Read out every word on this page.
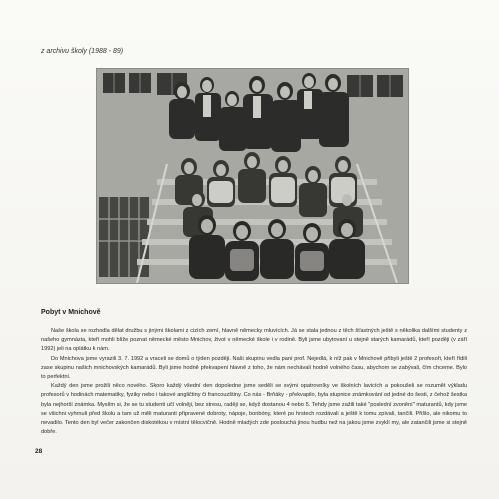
z archivu školy (1988 - 89)
Pobyt v Mnichově

Naše škola se rozhodla dělat družbu s jinými školami z cizích zemí, hlavně německy mluvících. Já se stala jednou z těch šťastných ještě s několika dalšími studenty z našeho gymnázia, kteří mohli blíže poznat německé město Mnichov, život v německé škole i v rodině. Byli jsme ubytovaní u stejně starých kamarádů, kteří později (v září 1992) jeli na oplátku k nám.

Do Mnichova jsme vyrazili 3. 7. 1992 a vraceli se domů o týden později. Naši skupinu vedla paní prof. Nejedlá, k níž pak v Mnichově přibyli ještě 2 profesoři, kteří řídili zase skupinu našich mnichovských kamarádů. Byli jsme hodně překvapeni hlavně z toho, že nám nechávali hodně volného času, abychom se zabývali, čím chceme. Bylo to perfektní.

Každý den jsme prožili něco nového. Skoro každý všední den dopoledne jsme seděli se svými opatrovníky ve školních lavicích a pokoušeli se rozumět výkladu profesorů v hodinách matematiky, fyziky nebo i takové angličtiny či francouzštiny. Co nás - Brňáky - překvapilo, byla stupnice známkování od jedné do šesti, z čehož šestka byla nejhorší známka. Myslím si, že se tu studenti učí volněji, bez stresu, raději se, když dostanou 4 nebo 5. Tehdy jsme zažili také "poslední zvonění" maturantů, kdy jsme se všichni vyhrnuli před školu a tam už měli maturanti připravené dobroty, nápoje, bonbóny, které po hrstech rozdávali a ještě k tomu zpívali, tančili. Přišlo, ale nikomu to nevadilo. Tento den byl večer zakončen diskotékou v místní tělocvičně. Hodně mladých zde poslouchá jinou hudbu než na jakou jsme zvyklí my, ale zatančili jsme si stejně dobře.

28
